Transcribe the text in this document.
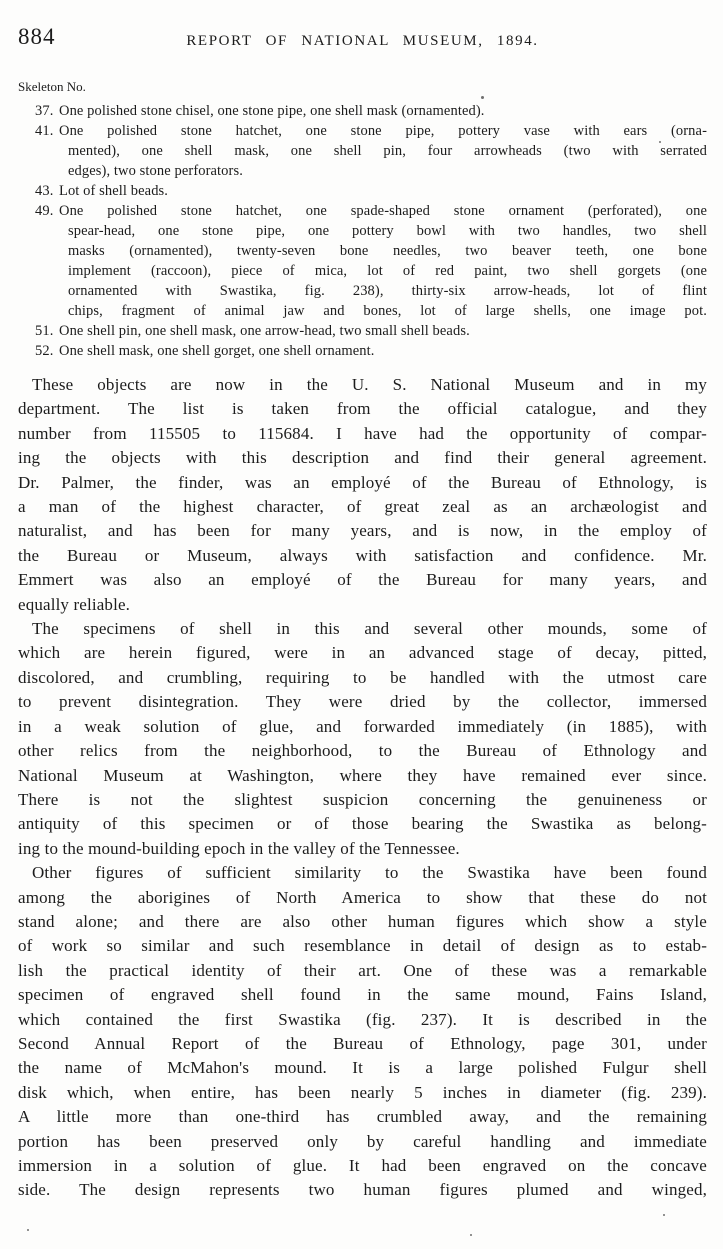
884	REPORT OF NATIONAL MUSEUM, 1894.
Skeleton No.
37. One polished stone chisel, one stone pipe, one shell mask (ornamented).
41. One polished stone hatchet, one stone pipe, pottery vase with ears (orna-
mented), one shell mask, one shell pin, four arrowheads (two with serrated
edges), two stone perforators.
43. Lot of shell beads.
49. One polished stone hatchet, one spade-shaped stone ornament (perforated), one
spear-head, one stone pipe, one pottery bowl with two handles, two shell
masks (ornamented), twenty-seven bone needles, two beaver teeth, one bone
implement (raccoon), piece of mica, lot of red paint, two shell gorgets (one
ornamented with Swastika, fig. 238), thirty-six arrow-heads, lot of flint
chips, fragment of animal jaw and bones, lot of large shells, one image pot.
51. One shell pin, one shell mask, one arrow-head, two small shell beads.
52. One shell mask, one shell gorget, one shell ornament.
These objects are now in the U. S. National Museum and in my
department. The list is taken from the official catalogue, and they
number from 115505 to 115684. I have had the opportunity of compar-
ing the objects with this description and find their general agreement.
Dr. Palmer, the finder, was an employé of the Bureau of Ethnology, is
a man of the highest character, of great zeal as an archæologist and
naturalist, and has been for many years, and is now, in the employ of
the Bureau or Museum, always with satisfaction and confidence. Mr.
Emmert was also an employé of the Bureau for many years, and
equally reliable.
The specimens of shell in this and several other mounds, some of
which are herein figured, were in an advanced stage of decay, pitted,
discolored, and crumbling, requiring to be handled with the utmost care
to prevent disintegration. They were dried by the collector, immersed
in a weak solution of glue, and forwarded immediately (in 1885), with
other relics from the neighborhood, to the Bureau of Ethnology and
National Museum at Washington, where they have remained ever since.
There is not the slightest suspicion concerning the genuineness or
antiquity of this specimen or of those bearing the Swastika as belong-
ing to the mound-building epoch in the valley of the Tennessee.
Other figures of sufficient similarity to the Swastika have been found
among the aborigines of North America to show that these do not
stand alone; and there are also other human figures which show a style
of work so similar and such resemblance in detail of design as to estab-
lish the practical identity of their art. One of these was a remarkable
specimen of engraved shell found in the same mound, Fains Island,
which contained the first Swastika (fig. 237). It is described in the
Second Annual Report of the Bureau of Ethnology, page 301, under
the name of McMahon's mound. It is a large polished Fulgur shell
disk which, when entire, has been nearly 5 inches in diameter (fig. 239).
A little more than one-third has crumbled away, and the remaining
portion has been preserved only by careful handling and immediate
immersion in a solution of glue. It had been engraved on the concave
side. The design represents two human figures plumed and winged,
